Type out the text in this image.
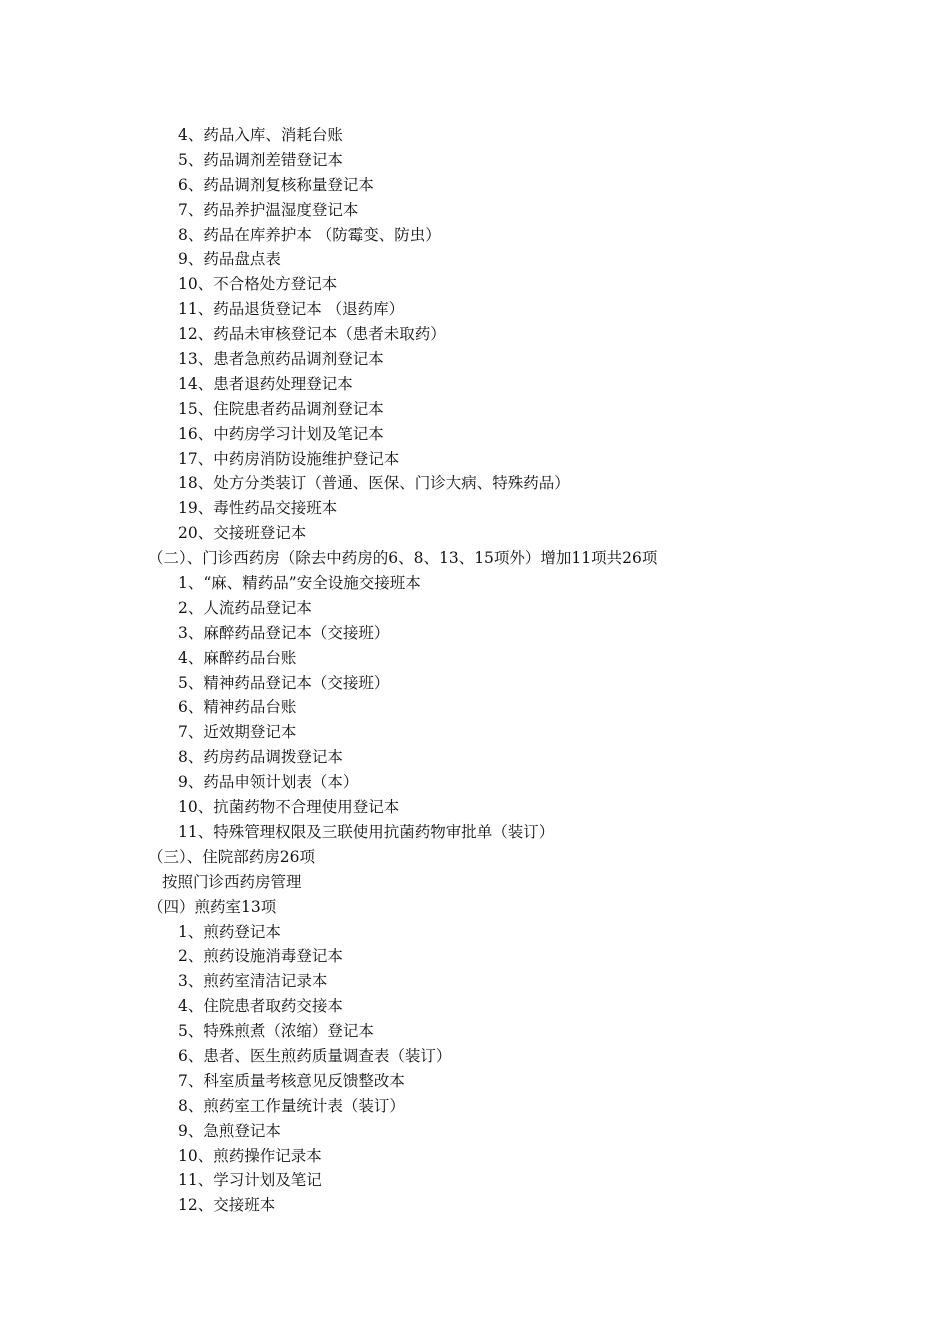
4、药品入库、消耗台账
5、药品调剂差错登记本
6、药品调剂复核称量登记本
7、药品养护温湿度登记本
8、药品在库养护本 （防霉变、防虫）
9、药品盘点表
10、不合格处方登记本
11、药品退货登记本 （退药库）
12、药品未审核登记本（患者未取药）
13、患者急煎药品调剂登记本
14、患者退药处理登记本
15、住院患者药品调剂登记本
16、中药房学习计划及笔记本
17、中药房消防设施维护登记本
18、处方分类装订（普通、医保、门诊大病、特殊药品）
19、毒性药品交接班本
20、交接班登记本
（二）、门诊西药房（除去中药房的6、8、13、15项外）增加11项共26项
1、“麻、精药品”安全设施交接班本
2、人流药品登记本
3、麻醉药品登记本（交接班）
4、麻醉药品台账
5、精神药品登记本（交接班）
6、精神药品台账
7、近效期登记本
8、药房药品调拨登记本
9、药品申领计划表（本）
10、抗菌药物不合理使用登记本
11、特殊管理权限及三联使用抗菌药物审批单（装订）
（三）、住院部药房26项
按照门诊西药房管理
（四）煎药室13项
1、煎药登记本
2、煎药设施消毒登记本
3、煎药室清洁记录本
4、住院患者取药交接本
5、特殊煎煮（浓缩）登记本
6、患者、医生煎药质量调查表（装订）
7、科室质量考核意见反馈整改本
8、煎药室工作量统计表（装订）
9、急煎登记本
10、煎药操作记录本
11、学习计划及笔记
12、交接班本
